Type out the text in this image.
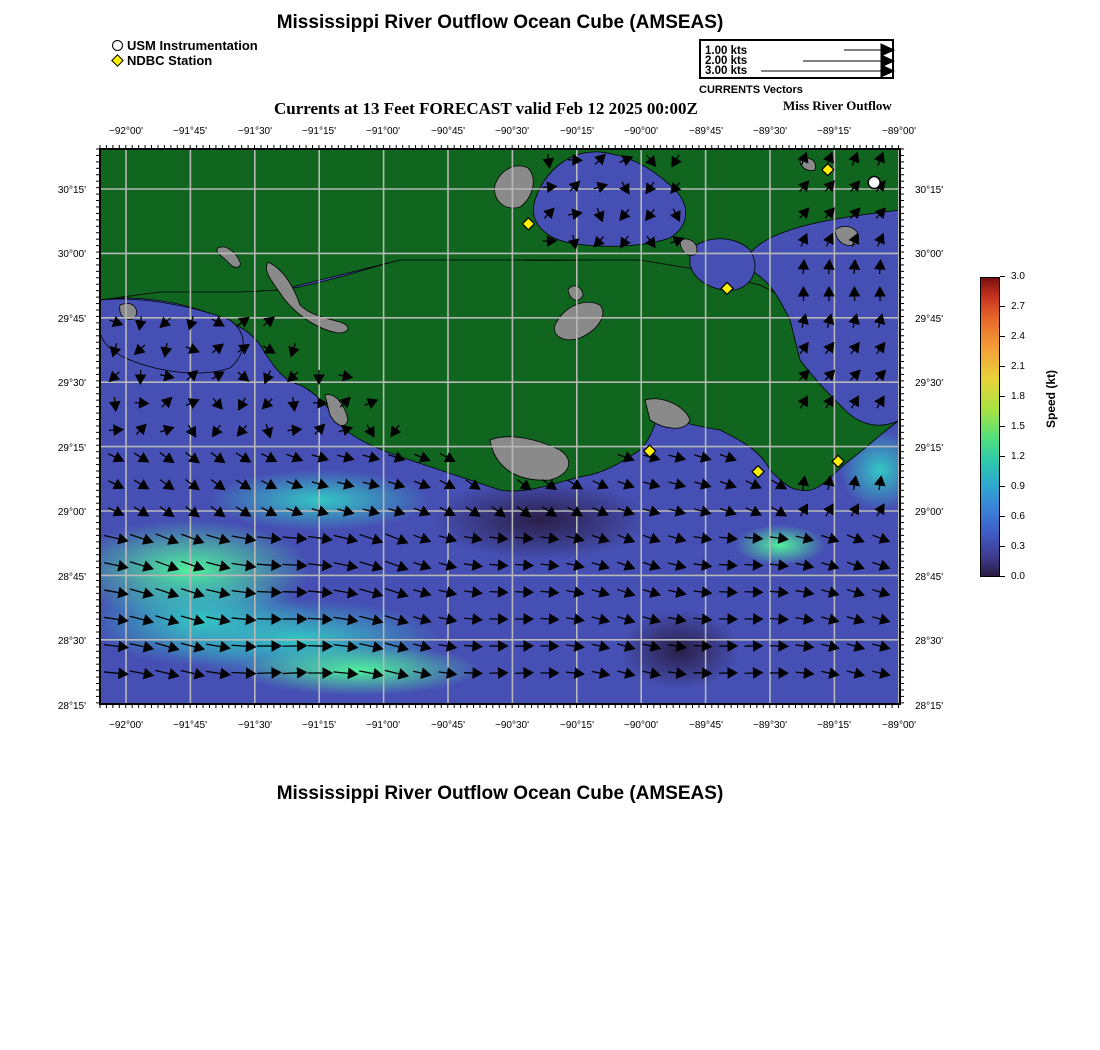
Mississippi River Outflow Ocean Cube (AMSEAS)
USM Instrumentation
NDBC Station
1.00 kts
2.00 kts
3.00 kts
CURRENTS Vectors
Currents at 13 Feet FORECAST valid Feb 12 2025 00:00Z	Miss River Outflow
−92°00'	−91°45'	−91°30'	−91°15'	−91°00'	−90°45'	−90°30'	−90°15'	−90°00'	−89°45'	−89°30'	−89°15'	−89°00'
−92°00'	−91°45'	−91°30'	−91°15'	−91°00'	−90°45'	−90°30'	−90°15'	−90°00'	−89°45'	−89°30'	−89°15'	−89°00'
30°15'
30°00'
29°45'
29°30'
29°15'
29°00'
28°45'
28°30'
28°15'
30°15'
30°00'
29°45'
29°30'
29°15'
29°00'
28°45'
28°30'
28°15'
3.0
2.7
2.4
2.1
1.8
1.5
1.2
0.9
0.6
0.3
0.0
Speed (kt)
Mississippi River Outflow Ocean Cube (AMSEAS)
